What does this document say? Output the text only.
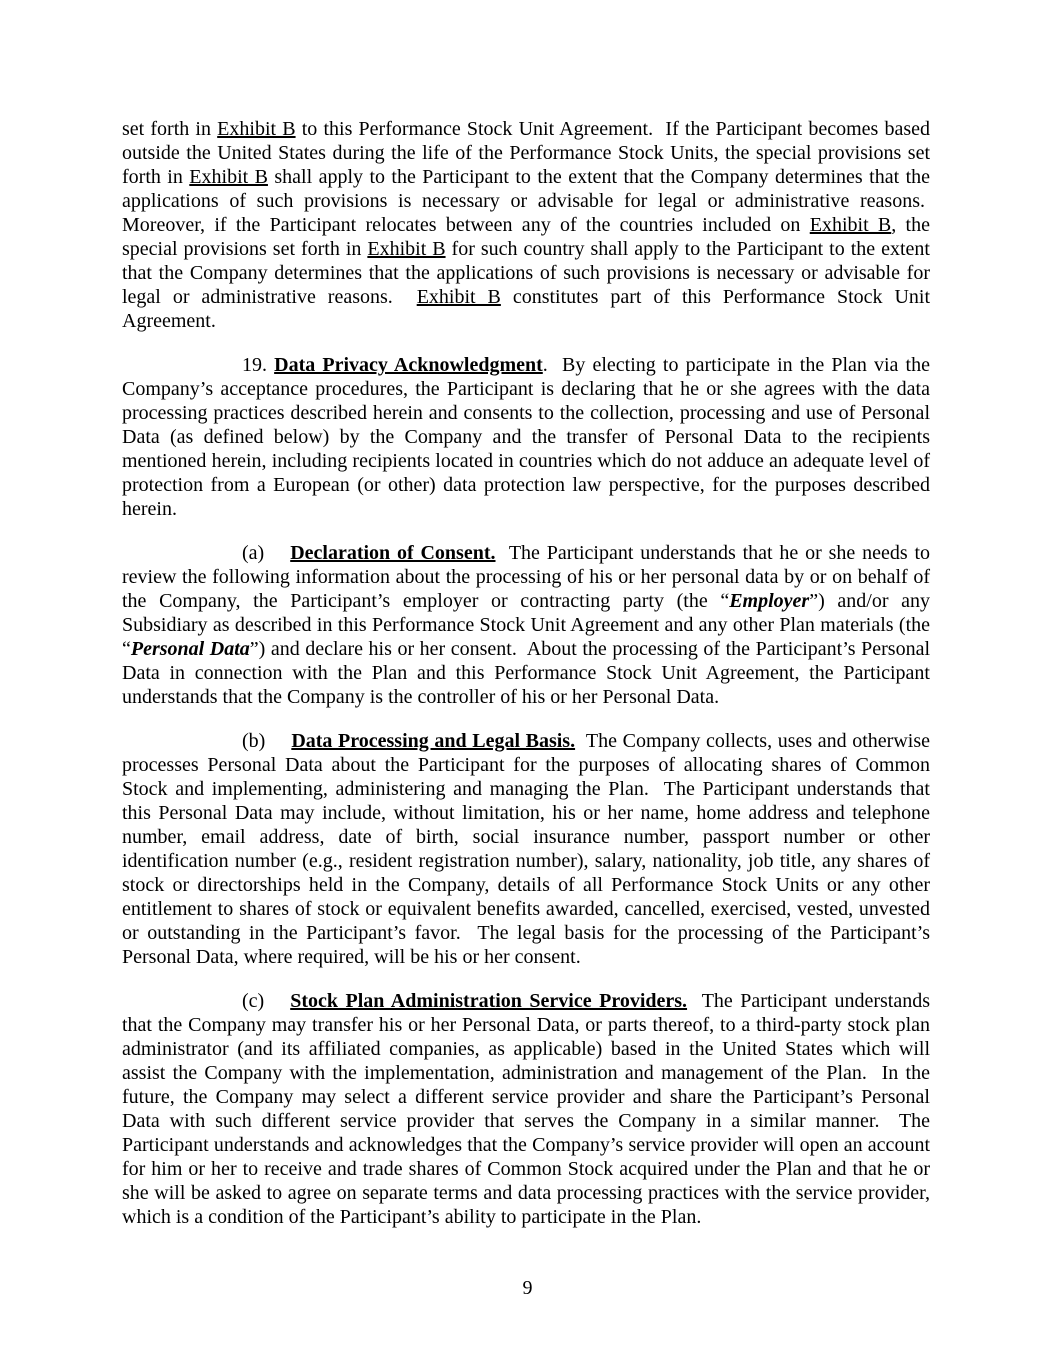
set forth in Exhibit B to this Performance Stock Unit Agreement.  If the Participant becomes based outside the United States during the life of the Performance Stock Units, the special provisions set forth in Exhibit B shall apply to the Participant to the extent that the Company determines that the applications of such provisions is necessary or advisable for legal or administrative reasons.  Moreover, if the Participant relocates between any of the countries included on Exhibit B, the special provisions set forth in Exhibit B for such country shall apply to the Participant to the extent that the Company determines that the applications of such provisions is necessary or advisable for legal or administrative reasons.  Exhibit B constitutes part of this Performance Stock Unit Agreement.

19. Data Privacy Acknowledgment.  By electing to participate in the Plan via the Company’s acceptance procedures, the Participant is declaring that he or she agrees with the data processing practices described herein and consents to the collection, processing and use of Personal Data (as defined below) by the Company and the transfer of Personal Data to the recipients mentioned herein, including recipients located in countries which do not adduce an adequate level of protection from a European (or other) data protection law perspective, for the purposes described herein.

(a) Declaration of Consent.  The Participant understands that he or she needs to review the following information about the processing of his or her personal data by or on behalf of the Company, the Participant’s employer or contracting party (the “Employer”) and/or any Subsidiary as described in this Performance Stock Unit Agreement and any other Plan materials (the “Personal Data”) and declare his or her consent.  About the processing of the Participant’s Personal Data in connection with the Plan and this Performance Stock Unit Agreement, the Participant understands that the Company is the controller of his or her Personal Data.

(b) Data Processing and Legal Basis.  The Company collects, uses and otherwise processes Personal Data about the Participant for the purposes of allocating shares of Common Stock and implementing, administering and managing the Plan.  The Participant understands that this Personal Data may include, without limitation, his or her name, home address and telephone number, email address, date of birth, social insurance number, passport number or other identification number (e.g., resident registration number), salary, nationality, job title, any shares of stock or directorships held in the Company, details of all Performance Stock Units or any other entitlement to shares of stock or equivalent benefits awarded, cancelled, exercised, vested, unvested or outstanding in the Participant’s favor.  The legal basis for the processing of the Participant’s Personal Data, where required, will be his or her consent.

(c) Stock Plan Administration Service Providers.  The Participant understands that the Company may transfer his or her Personal Data, or parts thereof, to a third-party stock plan administrator (and its affiliated companies, as applicable) based in the United States which will assist the Company with the implementation, administration and management of the Plan.  In the future, the Company may select a different service provider and share the Participant’s Personal Data with such different service provider that serves the Company in a similar manner.  The Participant understands and acknowledges that the Company’s service provider will open an account for him or her to receive and trade shares of Common Stock acquired under the Plan and that he or she will be asked to agree on separate terms and data processing practices with the service provider, which is a condition of the Participant’s ability to participate in the Plan.

9
